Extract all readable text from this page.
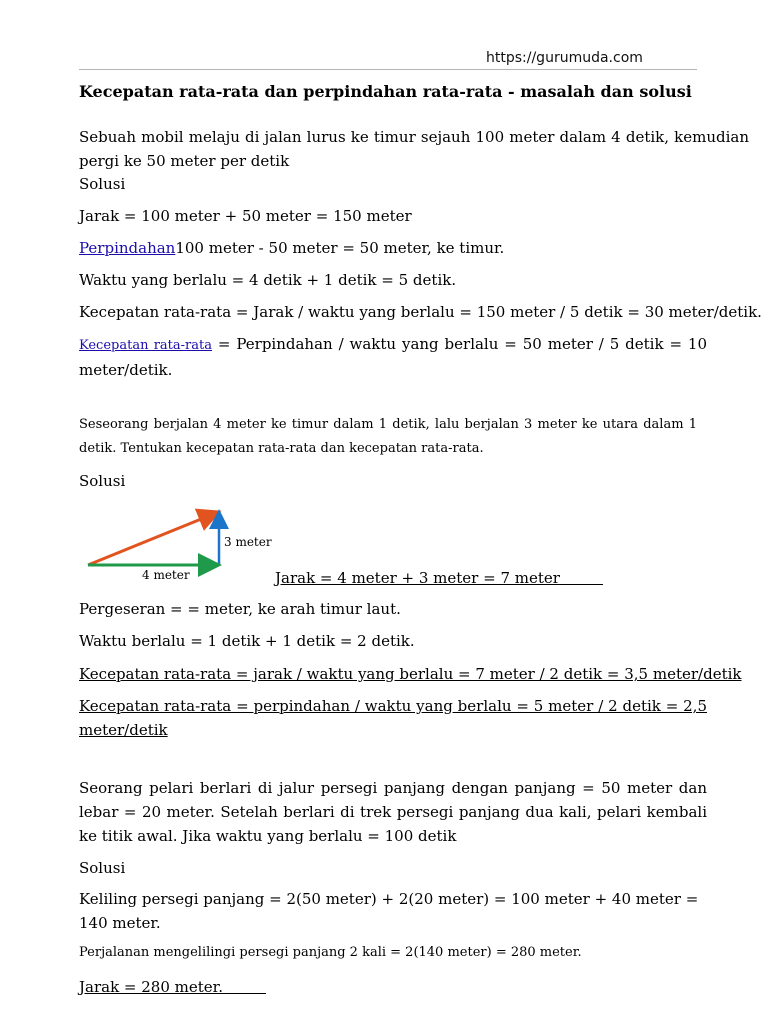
https://gurumuda.com
Kecepatan rata-rata dan perpindahan rata-rata - masalah dan solusi
Sebuah mobil melaju di jalan lurus ke timur sejauh 100 meter dalam 4 detik, kemudian pergi ke 50 meter per detik
Solusi
Jarak = 100 meter + 50 meter = 150 meter
Perpindahan100 meter - 50 meter = 50 meter, ke timur.
Waktu yang berlalu = 4 detik + 1 detik = 5 detik.
Kecepatan rata-rata = Jarak / waktu yang berlalu = 150 meter / 5 detik = 30 meter/detik.
Kecepatan rata-rata = Perpindahan / waktu yang berlalu = 50 meter / 5 detik = 10 meter/detik.
Seseorang berjalan 4 meter ke timur dalam 1 detik, lalu berjalan 3 meter ke utara dalam 1 detik. Tentukan kecepatan rata-rata dan kecepatan rata-rata.
Solusi
3 meter
4 meter	Jarak = 4 meter + 3 meter = 7 meter
Pergeseran = = meter, ke arah timur laut.
Waktu berlalu = 1 detik + 1 detik = 2 detik.
Kecepatan rata-rata = jarak / waktu yang berlalu = 7 meter / 2 detik = 3,5 meter/detik
Kecepatan rata-rata = perpindahan / waktu yang berlalu = 5 meter / 2 detik = 2,5 meter/detik
Seorang pelari berlari di jalur persegi panjang dengan panjang = 50 meter dan lebar = 20 meter. Setelah berlari di trek persegi panjang dua kali, pelari kembali ke titik awal. Jika waktu yang berlalu = 100 detik
Solusi
Keliling persegi panjang = 2(50 meter) + 2(20 meter) = 100 meter + 40 meter =
140 meter.
Perjalanan mengelilingi persegi panjang 2 kali = 2(140 meter) = 280 meter.
Jarak = 280 meter.
